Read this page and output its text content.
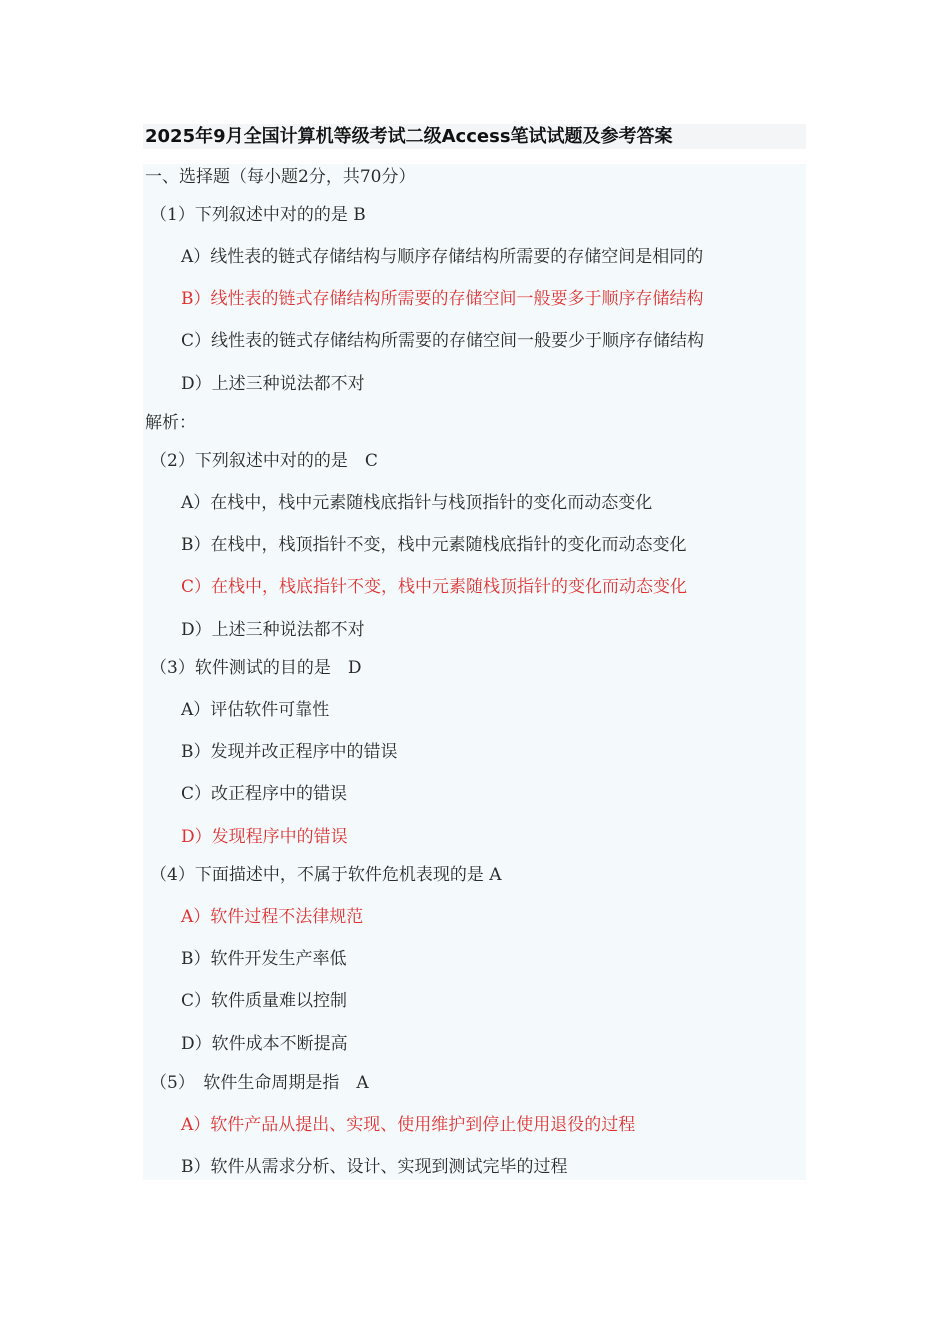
2025年9月全国计算机等级考试二级Access笔试试题及参考答案
一、选择题（每小题2分，共70分）
（1）下列叙述中对的的是 B
A）线性表的链式存储结构与顺序存储结构所需要的存储空间是相同的
B）线性表的链式存储结构所需要的存储空间一般要多于顺序存储结构
C）线性表的链式存储结构所需要的存储空间一般要少于顺序存储结构
D）上述三种说法都不对
解析：
（2）下列叙述中对的的是　C
A）在栈中，栈中元素随栈底指针与栈顶指针的变化而动态变化
B）在栈中，栈顶指针不变，栈中元素随栈底指针的变化而动态变化
C）在栈中，栈底指针不变，栈中元素随栈顶指针的变化而动态变化
D）上述三种说法都不对
（3）软件测试的目的是　D
A）评估软件可靠性
B）发现并改正程序中的错误
C）改正程序中的错误
D）发现程序中的错误
（4）下面描述中，不属于软件危机表现的是 A
A）软件过程不法律规范
B）软件开发生产率低
C）软件质量难以控制
D）软件成本不断提高
（5）　软件生命周期是指　A
A）软件产品从提出、实现、使用维护到停止使用退役的过程
B）软件从需求分析、设计、实现到测试完毕的过程
